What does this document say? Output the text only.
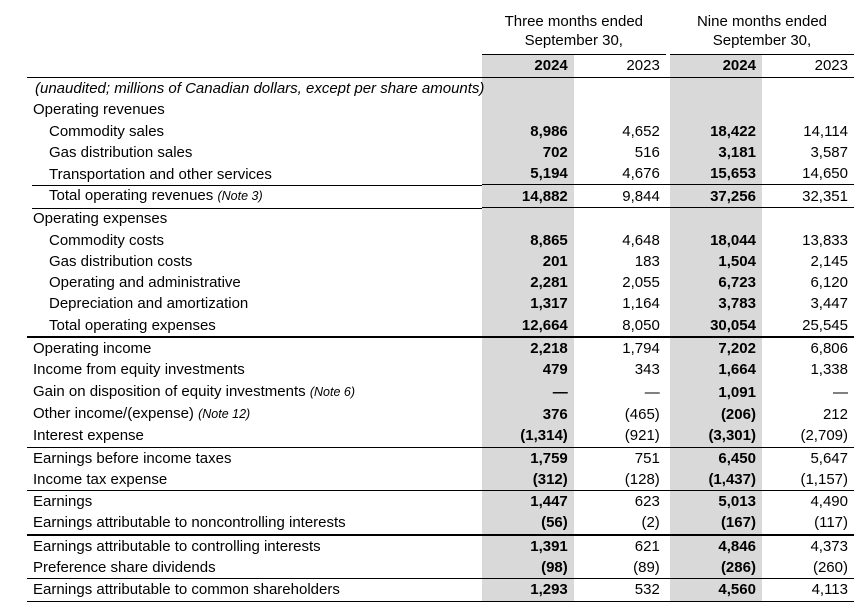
Three months ended
September 30,

Nine months ended
September 30,

	2024	2023		2024	2023

(unaudited; millions of Canadian dollars, except per share amounts)					
Operating revenues					
Commodity sales	8,986	4,652		18,422	14,114
Gas distribution sales	702	516		3,181	3,587
Transportation and other services	5,194	4,676		15,653	14,650

Total operating revenues (Note 3)	14,882	9,844		37,256	32,351

Operating expenses					
Commodity costs	8,865	4,648		18,044	13,833
Gas distribution costs	201	183		1,504	2,145
Operating and administrative	2,281	2,055		6,723	6,120
Depreciation and amortization	1,317	1,164		3,783	3,447
Total operating expenses	12,664	8,050		30,054	25,545

Operating income	2,218	1,794		7,202	6,806
Income from equity investments	479	343		1,664	1,338
Gain on disposition of equity investments (Note 6)	—	—		1,091	—
Other income/(expense) (Note 12)	376	(465)		(206)	212
Interest expense	(1,314)	(921)		(3,301)	(2,709)

Earnings before income taxes	1,759	751		6,450	5,647
Income tax expense	(312)	(128)		(1,437)	(1,157)

Earnings	1,447	623		5,013	4,490
Earnings attributable to noncontrolling interests	(56)	(2)		(167)	(117)

Earnings attributable to controlling interests	1,391	621		4,846	4,373
Preference share dividends	(98)	(89)		(286)	(260)

Earnings attributable to common shareholders	1,293	532		4,560	4,113
